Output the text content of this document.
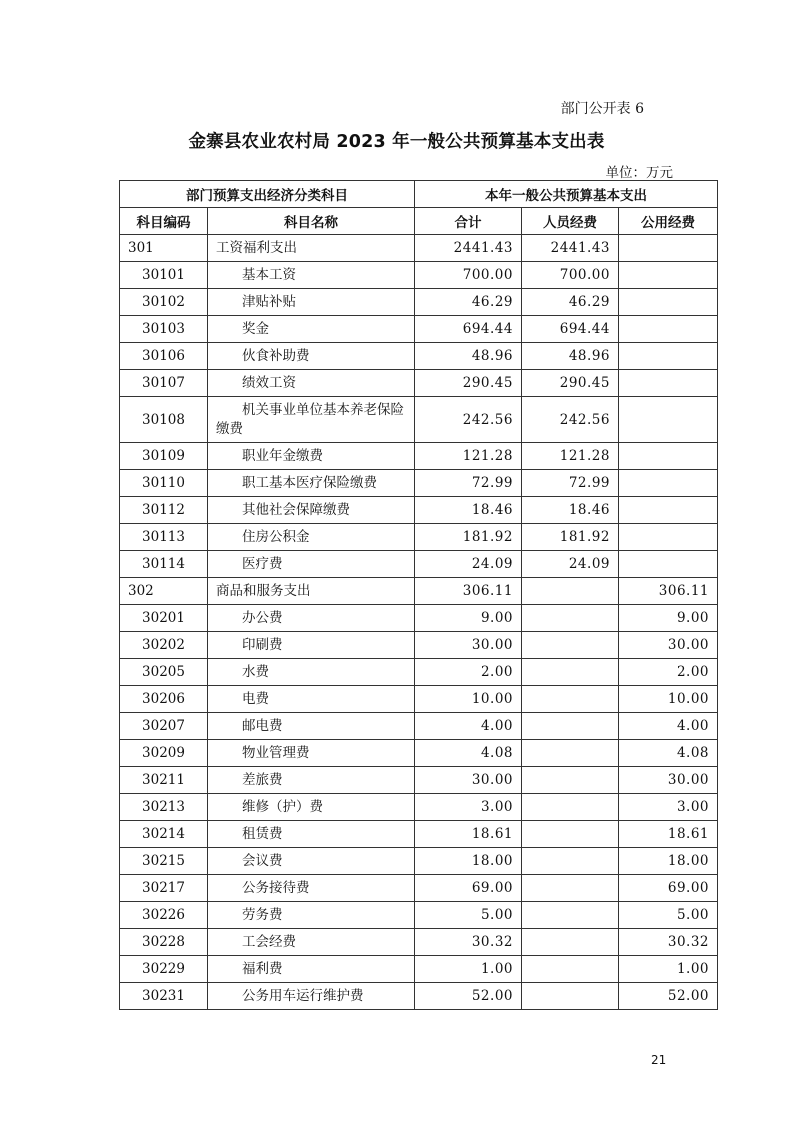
部门公开表 6
金寨县农业农村局 2023 年一般公共预算基本支出表
单位：万元
部门预算支出经济分类科目		本年一般公共预算基本支出		
科目编码	科目名称	合计	人员经费	公用经费
301	工资福利支出	2441.43	2441.43	
30101	基本工资	700.00	700.00	
30102	津贴补贴	46.29	46.29	
30103	奖金	694.44	694.44	
30106	伙食补助费	48.96	48.96	
30107	绩效工资	290.45	290.45	
30108	机关事业单位基本养老保险缴费	242.56	242.56	
30109	职业年金缴费	121.28	121.28	
30110	职工基本医疗保险缴费	72.99	72.99	
30112	其他社会保障缴费	18.46	18.46	
30113	住房公积金	181.92	181.92	
30114	医疗费	24.09	24.09	
302	商品和服务支出	306.11		306.11
30201	办公费	9.00		9.00
30202	印刷费	30.00		30.00
30205	水费	2.00		2.00
30206	电费	10.00		10.00
30207	邮电费	4.00		4.00
30209	物业管理费	4.08		4.08
30211	差旅费	30.00		30.00
30213	维修（护）费	3.00		3.00
30214	租赁费	18.61		18.61
30215	会议费	18.00		18.00
30217	公务接待费	69.00		69.00
30226	劳务费	5.00		5.00
30228	工会经费	30.32		30.32
30229	福利费	1.00		1.00
30231	公务用车运行维护费	52.00		52.00
21
